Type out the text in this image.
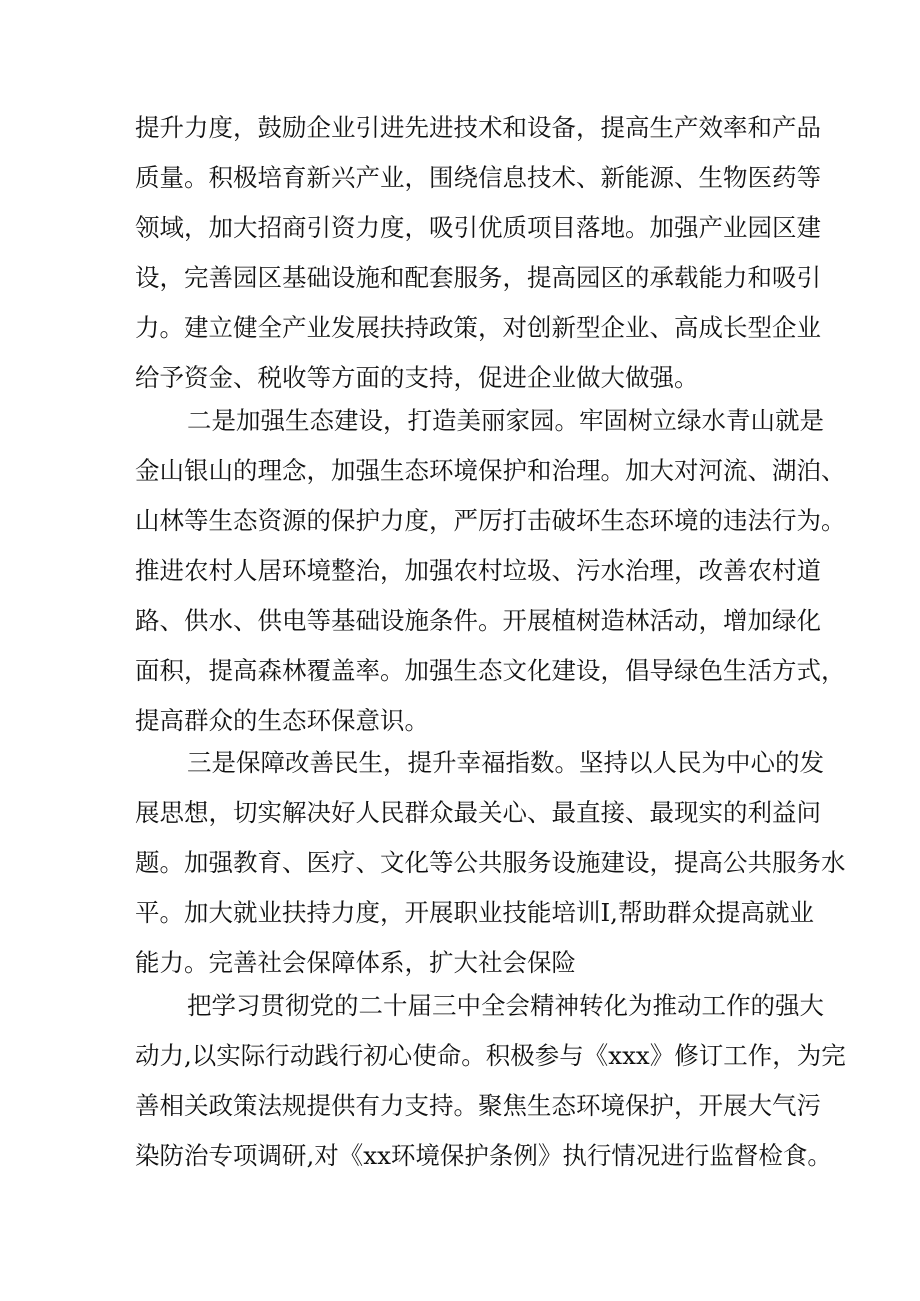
提升力度，鼓励企业引进先进技术和设备，提高生产效率和产品
质量。积极培育新兴产业，围绕信息技术、新能源、生物医药等
领域，加大招商引资力度，吸引优质项目落地。加强产业园区建
设，完善园区基础设施和配套服务，提高园区的承载能力和吸引
力。建立健全产业发展扶持政策，对创新型企业、高成长型企业
给予资金、税收等方面的支持，促进企业做大做强。
二是加强生态建设，打造美丽家园。牢固树立绿水青山就是
金山银山的理念，加强生态环境保护和治理。加大对河流、湖泊、
山林等生态资源的保护力度，严厉打击破坏生态环境的违法行为。
推进农村人居环境整治，加强农村垃圾、污水治理，改善农村道
路、供水、供电等基础设施条件。开展植树造林活动，增加绿化
面积，提高森林覆盖率。加强生态文化建设，倡导绿色生活方式，
提高群众的生态环保意识。
三是保障改善民生，提升幸福指数。坚持以人民为中心的发
展思想，切实解决好人民群众最关心、最直接、最现实的利益问
题。加强教育、医疗、文化等公共服务设施建设，提高公共服务水
平。加大就业扶持力度，开展职业技能培训I,帮助群众提高就业
能力。完善社会保障体系，扩大社会保险
把学习贯彻党的二十届三中全会精神转化为推动工作的强大
动力,以实际行动践行初心使命。积极参与《xxx》修订工作，为完
善相关政策法规提供有力支持。聚焦生态环境保护，开展大气污
染防治专项调研,对《xx环境保护条例》执行情况进行监督检食。
